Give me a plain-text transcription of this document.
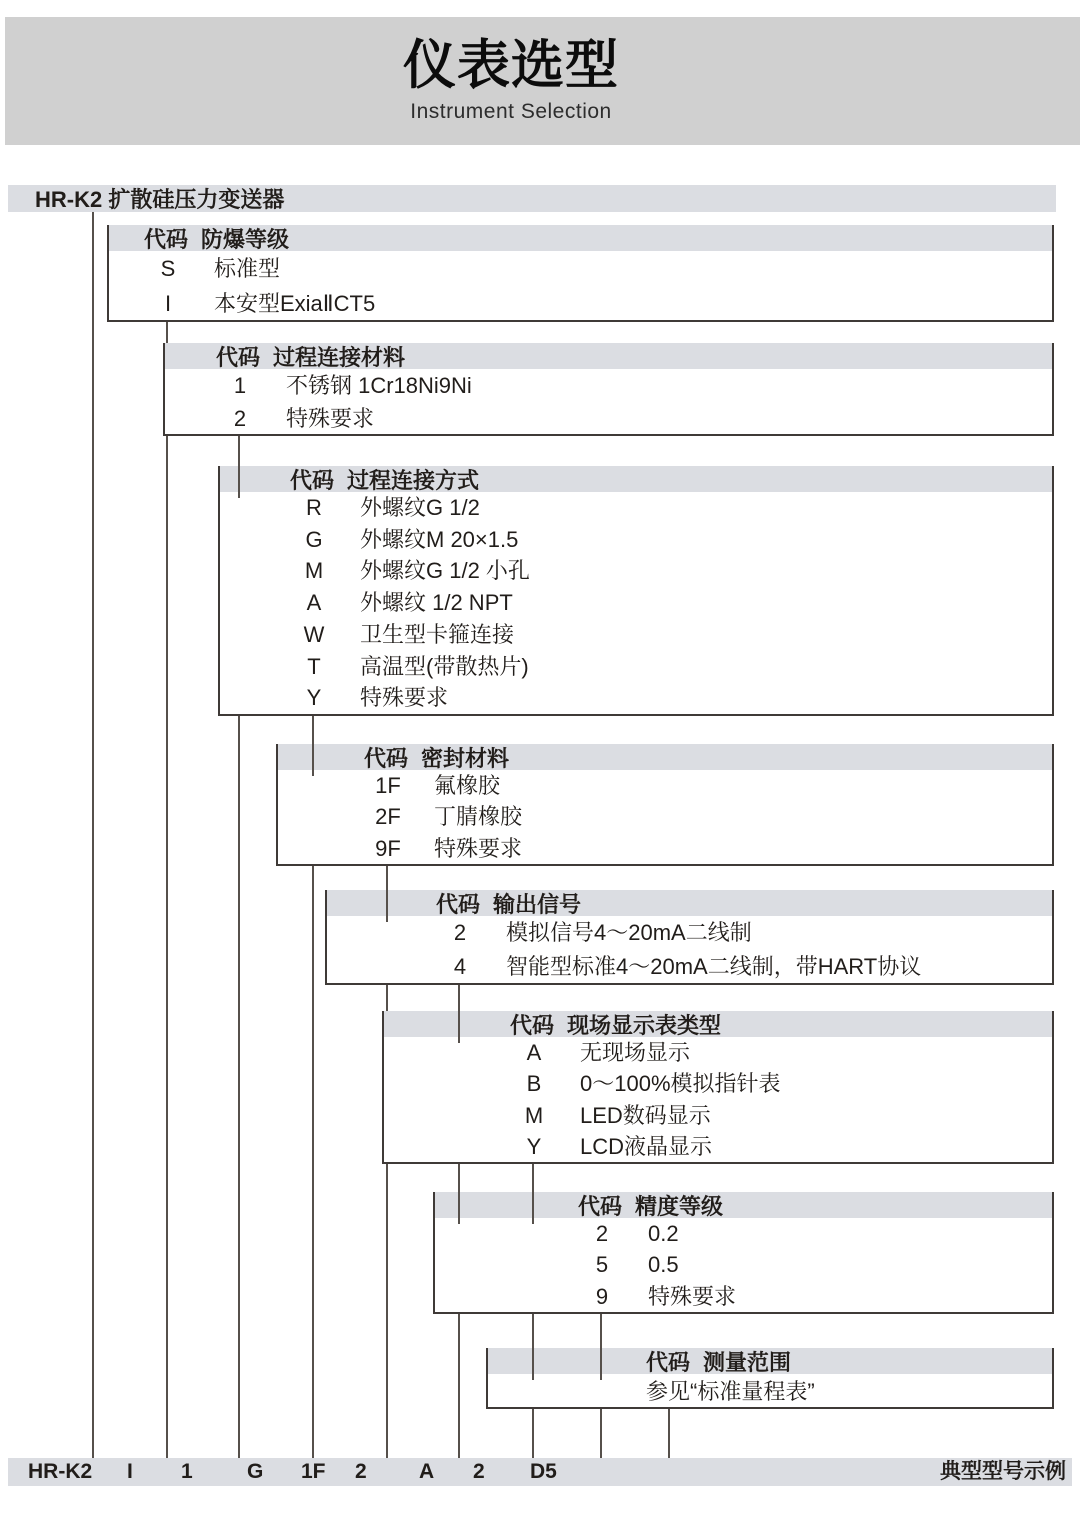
仪表选型
Instrument Selection
HR-K2 扩散硅压力变送器
代码 防爆等级
S 标准型
I 本安型ExiaⅡCT5
代码 过程连接材料
1 不锈钢 1Cr18Ni9Ni
2 特殊要求
代码 过程连接方式
R 外螺纹G 1/2
G 外螺纹M 20×1.5
M 外螺纹G 1/2 小孔
A 外螺纹 1/2 NPT
W 卫生型卡箍连接
T 高温型(带散热片)
Y 特殊要求
代码 密封材料
1F 氟橡胶
2F 丁腈橡胶
9F 特殊要求
代码 输出信号
2 模拟信号4～20mA二线制
4 智能型标准4～20mA二线制，带HART协议
代码 现场显示表类型
A 无现场显示
B 0～100%模拟指针表
M LED数码显示
Y LCD液晶显示
代码 精度等级
2 0.2
5 0.5
9 特殊要求
代码 测量范围
参见“标准量程表”
典型型号示例
HR-K2 I 1	G 1F 2 A 2 D5
